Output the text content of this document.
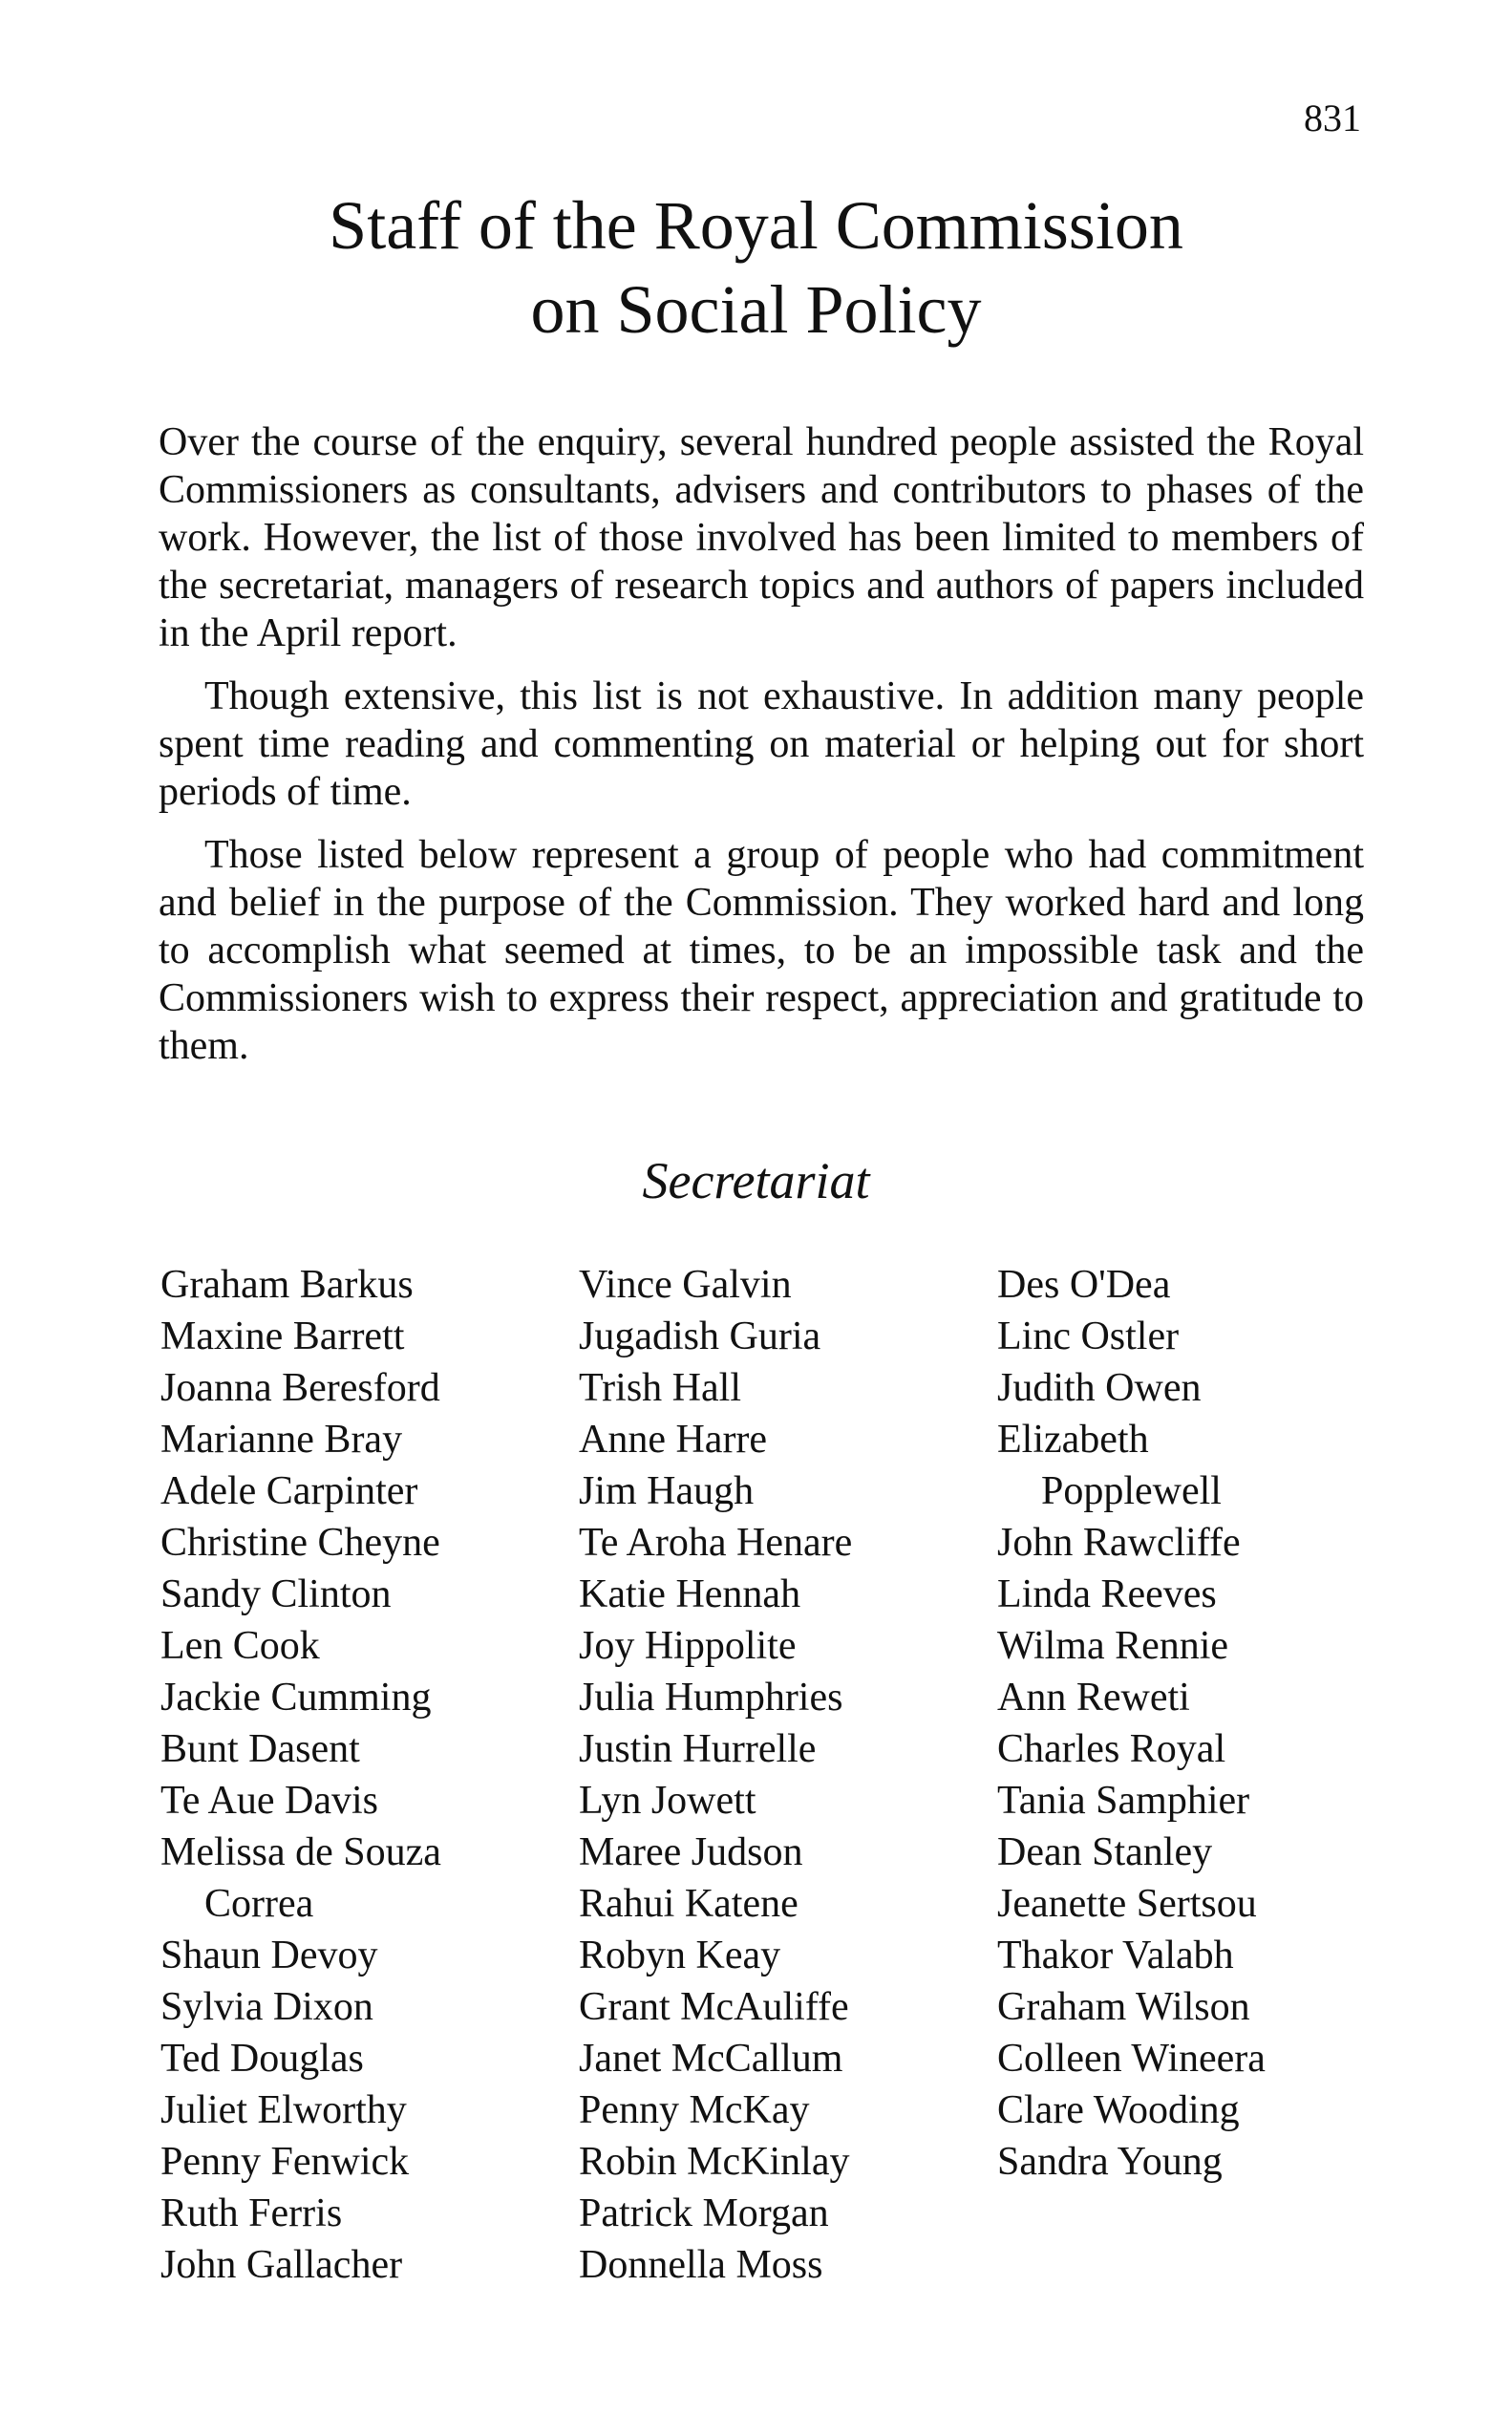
831
Staff of the Royal Commission
on Social Policy

Over the course of the enquiry, several hundred people assisted the Royal Commissioners as consultants, advisers and contributors to phases of the work. However, the list of those involved has been limited to members of the secretariat, managers of research topics and authors of papers included in the April report.

Though extensive, this list is not exhaustive. In addition many people spent time reading and commenting on material or helping out for short periods of time.

Those listed below represent a group of people who had commitment and belief in the purpose of the Commission. They worked hard and long to accomplish what seemed at times, to be an impossible task and the Commissioners wish to express their respect, appreciation and gratitude to them.

Secretariat
Graham Barkus
Maxine Barrett
Joanna Beresford
Marianne Bray
Adele Carpinter
Christine Cheyne
Sandy Clinton
Len Cook
Jackie Cumming
Bunt Dasent
Te Aue Davis
Melissa de Souza
Correa
Shaun Devoy
Sylvia Dixon
Ted Douglas
Juliet Elworthy
Penny Fenwick
Ruth Ferris
John Gallacher
Vince Galvin
Jugadish Guria
Trish Hall
Anne Harre
Jim Haugh
Te Aroha Henare
Katie Hennah
Joy Hippolite
Julia Humphries
Justin Hurrelle
Lyn Jowett
Maree Judson
Rahui Katene
Robyn Keay
Grant McAuliffe
Janet McCallum
Penny McKay
Robin McKinlay
Patrick Morgan
Donnella Moss
Des O'Dea
Linc Ostler
Judith Owen
Elizabeth
Popplewell
John Rawcliffe
Linda Reeves
Wilma Rennie
Ann Reweti
Charles Royal
Tania Samphier
Dean Stanley
Jeanette Sertsou
Thakor Valabh
Graham Wilson
Colleen Wineera
Clare Wooding
Sandra Young
